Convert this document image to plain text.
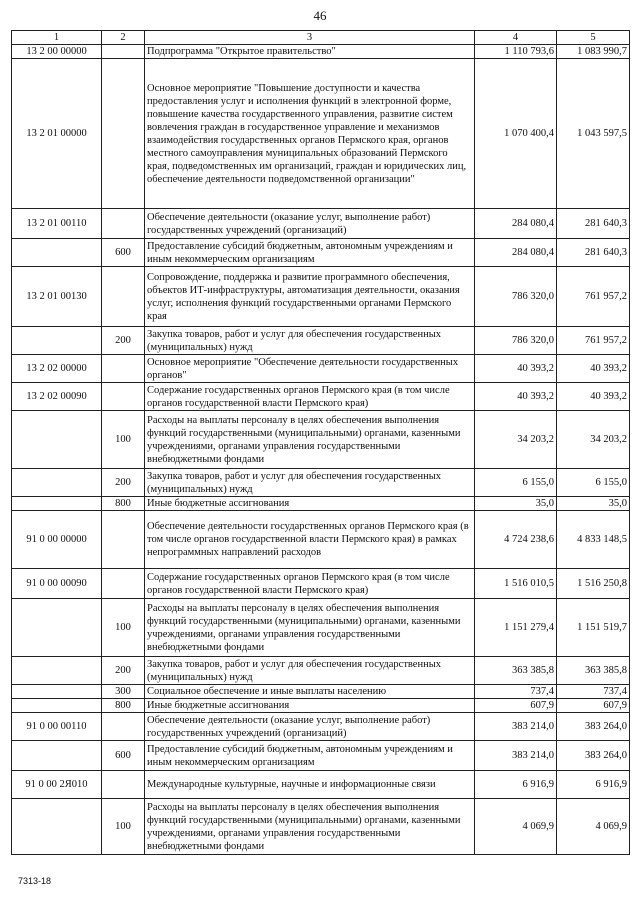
46
1	2	3	4	5
13 2 00 00000		Подпрограмма "Открытое правительство"	1 110 793,6	1 083 990,7
13 2 01 00000		Основное мероприятие "Повышение доступности и качества предоставления услуг и исполнения функций в электронной форме, повышение качества государственного управления, развитие систем вовлечения граждан в государственное управление и механизмов взаимодействия государственных органов Пермского края, органов местного самоуправления муниципальных образований Пермского края, подведомственных им организаций, граждан и юридических лиц, обеспечение деятельности подведомственной организации"	1 070 400,4	1 043 597,5
13 2 01 00110		Обеспечение деятельности (оказание услуг, выполнение работ) государственных учреждений (организаций)	284 080,4	281 640,3
	600	Предоставление субсидий бюджетным, автономным учреждениям и иным некоммерческим организациям	284 080,4	281 640,3
13 2 01 00130		Сопровождение, поддержка и развитие программного обеспечения, объектов ИТ-инфраструктуры, автоматизация деятельности, оказания услуг, исполнения функций государственными органами Пермского края	786 320,0	761 957,2
	200	Закупка товаров, работ и услуг для обеспечения государственных (муниципальных) нужд	786 320,0	761 957,2
13 2 02 00000		Основное мероприятие "Обеспечение деятельности государственных органов"	40 393,2	40 393,2
13 2 02 00090		Содержание государственных органов Пермского края (в том числе органов государственной власти Пермского края)	40 393,2	40 393,2
	100	Расходы на выплаты персоналу в целях обеспечения выполнения функций государственными (муниципальными) органами, казенными учреждениями, органами управления государственными внебюджетными фондами	34 203,2	34 203,2
	200	Закупка товаров, работ и услуг для обеспечения государственных (муниципальных) нужд	6 155,0	6 155,0
	800	Иные бюджетные ассигнования	35,0	35,0
91 0 00 00000		Обеспечение деятельности государственных органов Пермского края (в том числе органов государственной власти Пермского края) в рамках непрограммных направлений расходов	4 724 238,6	4 833 148,5
91 0 00 00090		Содержание государственных органов Пермского края (в том числе органов государственной власти Пермского края)	1 516 010,5	1 516 250,8
	100	Расходы на выплаты персоналу в целях обеспечения выполнения функций государственными (муниципальными) органами, казенными учреждениями, органами управления государственными внебюджетными фондами	1 151 279,4	1 151 519,7
	200	Закупка товаров, работ и услуг для обеспечения государственных (муниципальных) нужд	363 385,8	363 385,8
	300	Социальное обеспечение и иные выплаты населению	737,4	737,4
	800	Иные бюджетные ассигнования	607,9	607,9
91 0 00 00110		Обеспечение деятельности (оказание услуг, выполнение работ) государственных учреждений (организаций)	383 214,0	383 264,0
	600	Предоставление субсидий бюджетным, автономным учреждениям и иным некоммерческим организациям	383 214,0	383 264,0
91 0 00 2Я010		Международные культурные, научные и информационные связи	6 916,9	6 916,9
	100	Расходы на выплаты персоналу в целях обеспечения выполнения функций государственными (муниципальными) органами, казенными учреждениями, органами управления государственными внебюджетными фондами	4 069,9	4 069,9
7313-18
